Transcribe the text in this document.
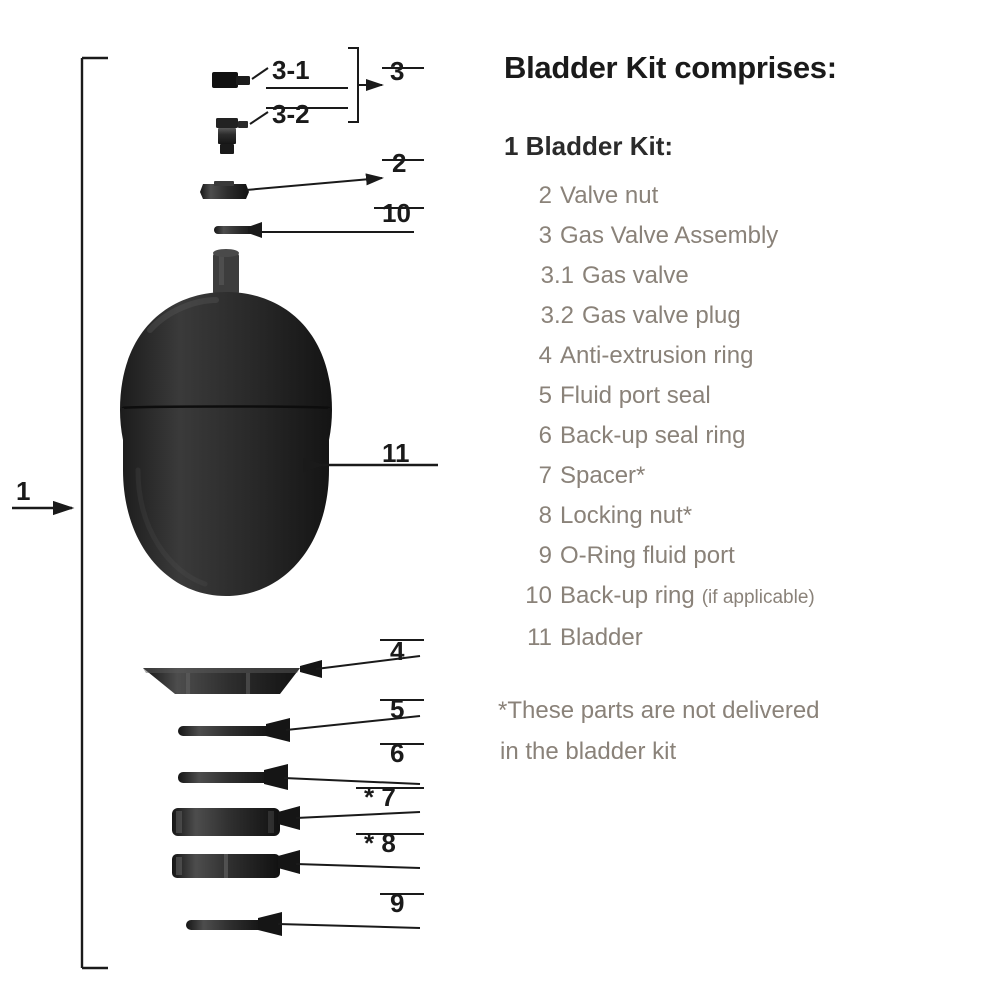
3-1
3-2
3
2
10
11
4
5
6
* 7
* 8
9
1
Bladder Kit comprises:
1 Bladder Kit:
2 Valve nut
3 Gas Valve Assembly
3.1 Gas valve
3.2 Gas valve plug
4 Anti-extrusion ring
5 Fluid port seal
6 Back-up seal ring
7 Spacer*
8 Locking nut*
9 O-Ring fluid port
10 Back-up ring (if applicable)
11 Bladder
*These parts are not delivered
in the bladder kit
